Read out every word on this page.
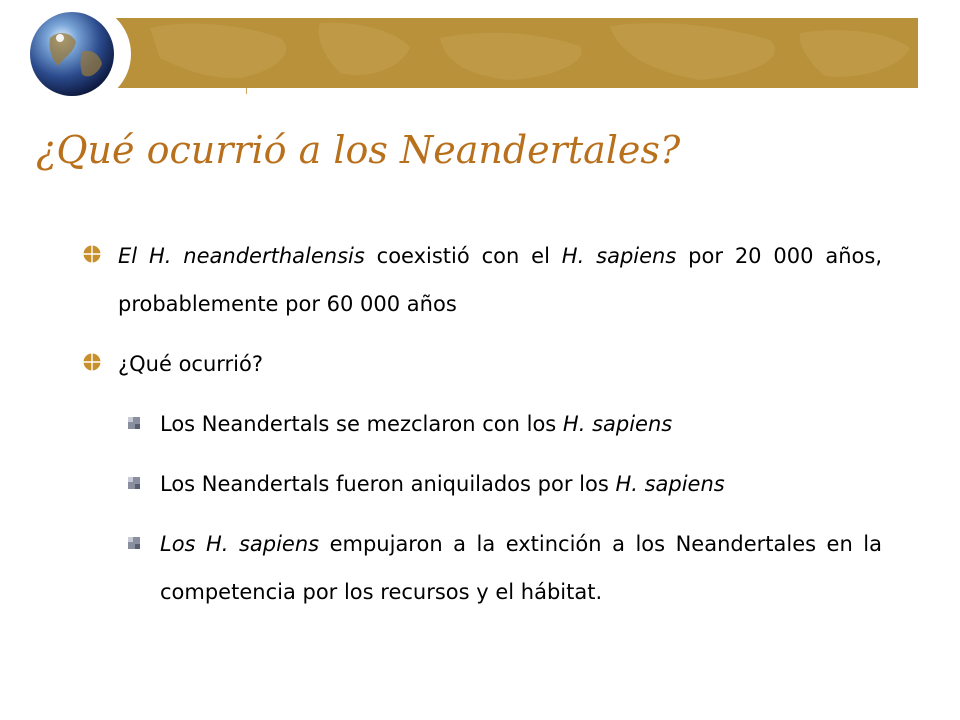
¿Qué ocurrió a los Neandertales?
El H. neanderthalensis coexistió con el H. sapiens por 20 000 años, probablemente por 60 000 años
¿Qué ocurrió?
Los Neandertals se mezclaron con los H. sapiens
Los Neandertals fueron aniquilados por los H. sapiens
Los H. sapiens empujaron a la extinción a los Neandertales en la competencia por los recursos y el hábitat.
